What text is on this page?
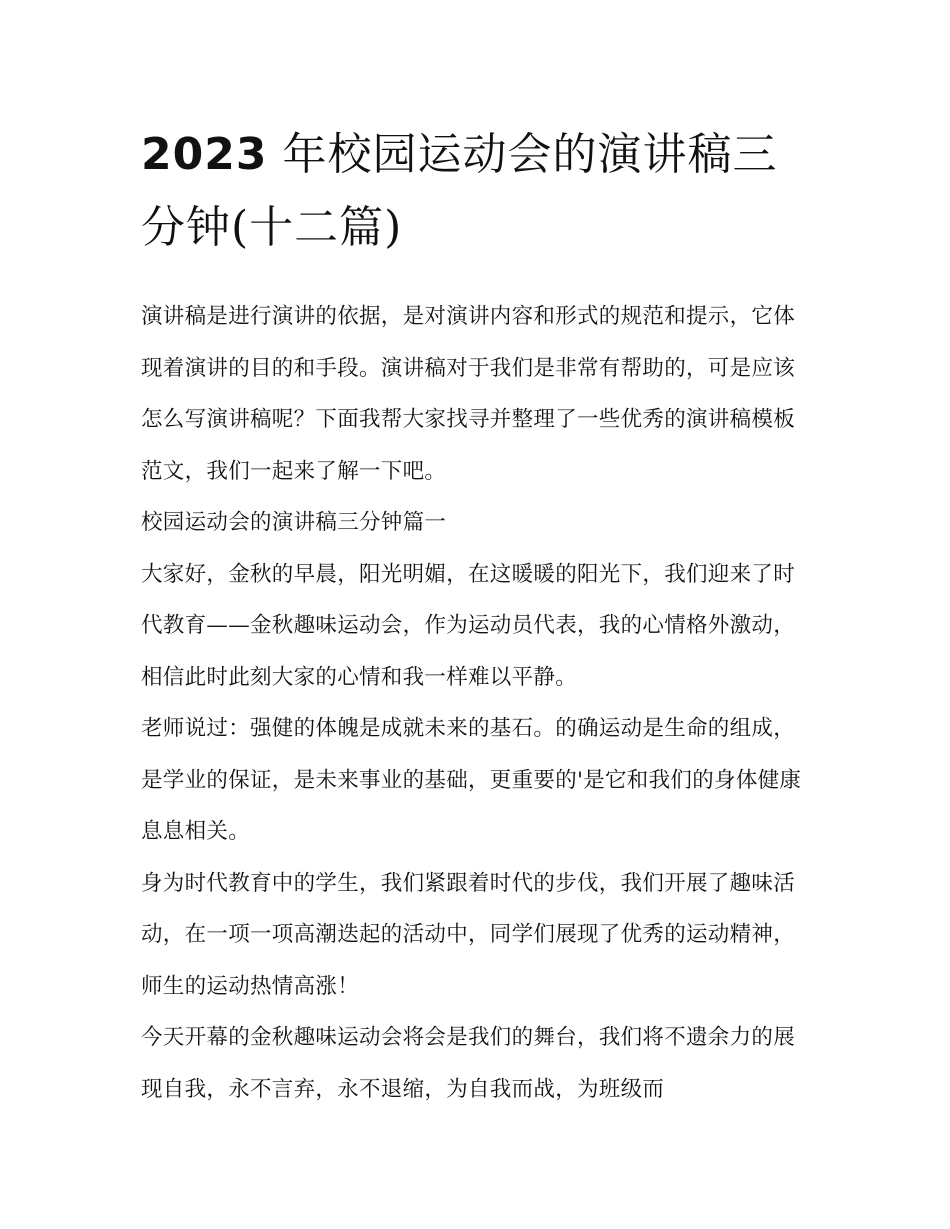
2023 年校园运动会的演讲稿三分钟(十二篇)

演讲稿是进行演讲的依据，是对演讲内容和形式的规范和提示，它体现着演讲的目的和手段。演讲稿对于我们是非常有帮助的，可是应该怎么写演讲稿呢？下面我帮大家找寻并整理了一些优秀的演讲稿模板范文，我们一起来了解一下吧。

校园运动会的演讲稿三分钟篇一

大家好，金秋的早晨，阳光明媚，在这暖暖的阳光下，我们迎来了时代教育——金秋趣味运动会，作为运动员代表，我的心情格外激动，相信此时此刻大家的心情和我一样难以平静。

老师说过：强健的体魄是成就未来的基石。的确运动是生命的组成，是学业的保证，是未来事业的基础，更重要的'是它和我们的身体健康息息相关。

身为时代教育中的学生，我们紧跟着时代的步伐，我们开展了趣味活动，在一项一项高潮迭起的活动中，同学们展现了优秀的运动精神，师生的运动热情高涨！

今天开幕的金秋趣味运动会将会是我们的舞台，我们将不遗余力的展现自我，永不言弃，永不退缩，为自我而战，为班级而
